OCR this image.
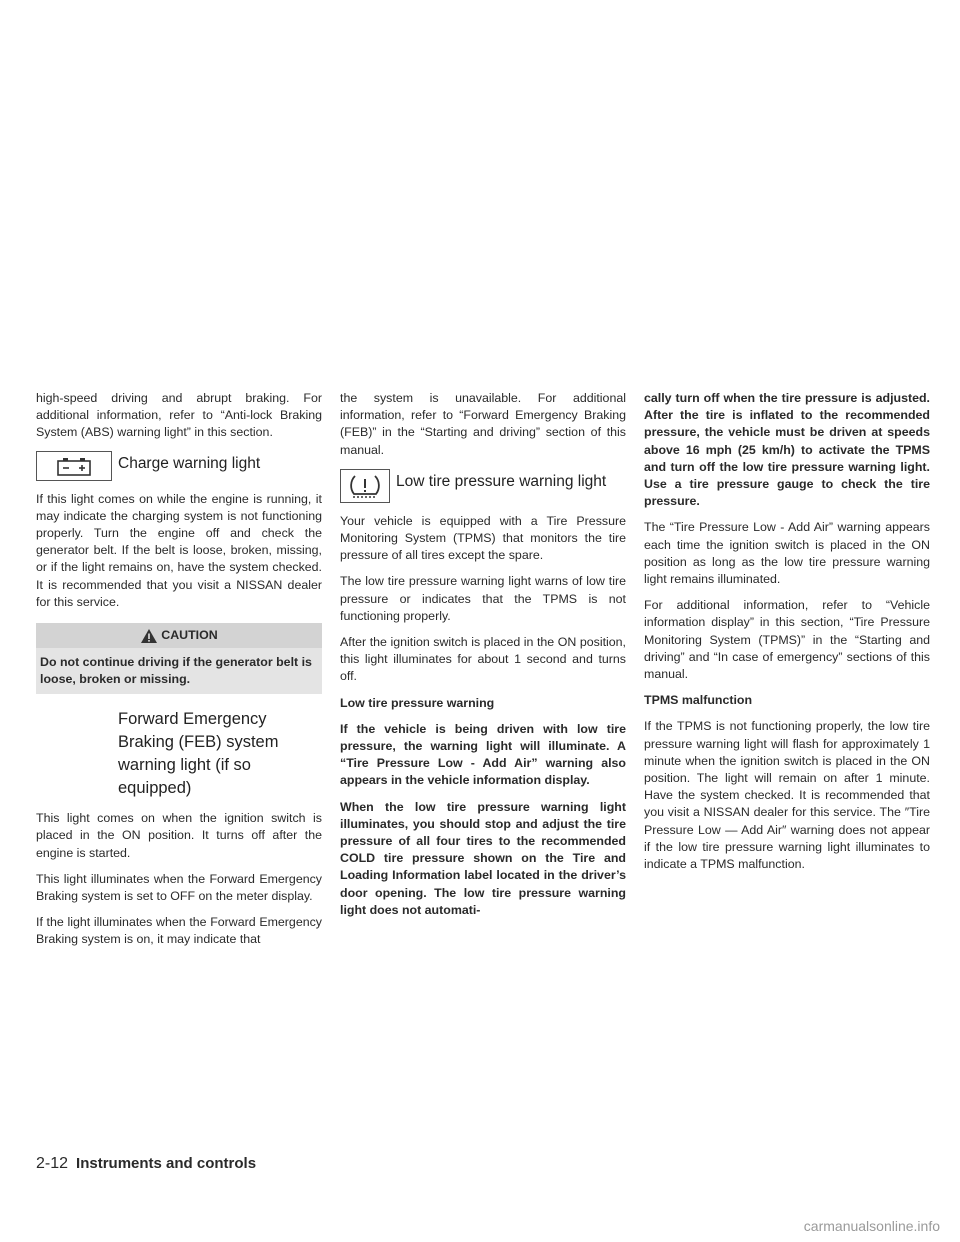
high-speed driving and abrupt braking. For additional information, refer to “Anti-lock Braking System (ABS) warning light” in this section.

Charge warning light

If this light comes on while the engine is running, it may indicate the charging system is not functioning properly. Turn the engine off and check the generator belt. If the belt is loose, broken, missing, or if the light remains on, have the system checked. It is recommended that you visit a NISSAN dealer for this service.

CAUTION
Do not continue driving if the generator belt is loose, broken or missing.
Forward Emergency Braking (FEB) system warning light (if so equipped)

This light comes on when the ignition switch is placed in the ON position. It turns off after the engine is started.

This light illuminates when the Forward Emergency Braking system is set to OFF on the meter display.

If the light illuminates when the Forward Emergency Braking system is on, it may indicate that

the system is unavailable. For additional information, refer to “Forward Emergency Braking (FEB)” in the “Starting and driving” section of this manual.

Low tire pressure warning light

Your vehicle is equipped with a Tire Pressure Monitoring System (TPMS) that monitors the tire pressure of all tires except the spare.

The low tire pressure warning light warns of low tire pressure or indicates that the TPMS is not functioning properly.

After the ignition switch is placed in the ON position, this light illuminates for about 1 second and turns off.

Low tire pressure warning

If the vehicle is being driven with low tire pressure, the warning light will illuminate. A “Tire Pressure Low - Add Air” warning also appears in the vehicle information display.

When the low tire pressure warning light illuminates, you should stop and adjust the tire pressure of all four tires to the recommended COLD tire pressure shown on the Tire and Loading Information label located in the driver’s door opening. The low tire pressure warning light does not automati-

cally turn off when the tire pressure is adjusted. After the tire is inflated to the recommended pressure, the vehicle must be driven at speeds above 16 mph (25 km/h) to activate the TPMS and turn off the low tire pressure warning light. Use a tire pressure gauge to check the tire pressure.

The “Tire Pressure Low - Add Air” warning appears each time the ignition switch is placed in the ON position as long as the low tire pressure warning light remains illuminated.

For additional information, refer to “Vehicle information display” in this section, “Tire Pressure Monitoring System (TPMS)” in the “Starting and driving” and “In case of emergency” sections of this manual.

TPMS malfunction

If the TPMS is not functioning properly, the low tire pressure warning light will flash for approximately 1 minute when the ignition switch is placed in the ON position. The light will remain on after 1 minute. Have the system checked. It is recommended that you visit a NISSAN dealer for this service. The ″Tire Pressure Low — Add Air″ warning does not appear if the low tire pressure warning light illuminates to indicate a TPMS malfunction.

2-12 Instruments and controls
carmanualsonline.info
